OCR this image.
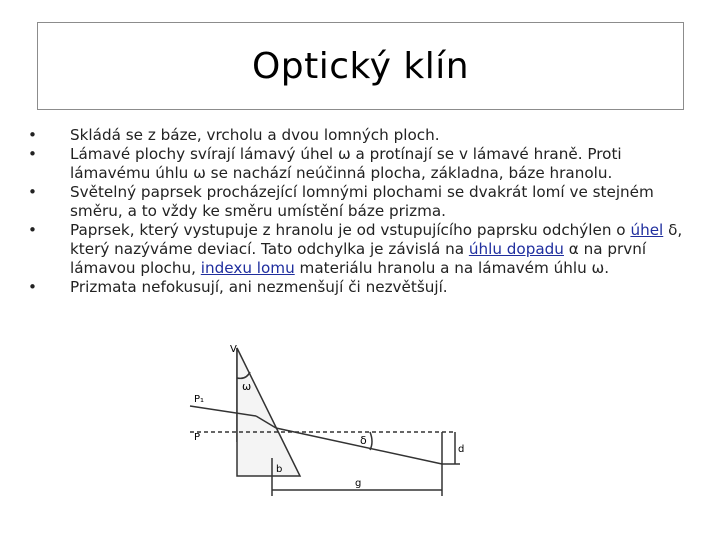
Optický klín
• Skládá se z báze, vrcholu a dvou lomných ploch.
• Lámavé plochy svírají lámavý úhel ω a protínají se v lámavé hraně. Proti lámavému úhlu ω se nachází neúčinná plocha, základna, báze hranolu.
• Světelný paprsek procházející lomnými plochami se dvakrát lomí ve stejném směru, a to vždy ke směru umístění báze prizma.
• Paprsek, který vystupuje z hranolu je od vstupujícího paprsku odchýlen o úhel δ, který nazýváme deviací. Tato odchylka je závislá na úhlu dopadu α na první lámavou plochu, indexu lomu materiálu hranolu a na lámavém úhlu ω.
• Prizmata nefokusují, ani nezmenšují či nezvětšují.
V
ω
P₁
P	δ
d
b
g
